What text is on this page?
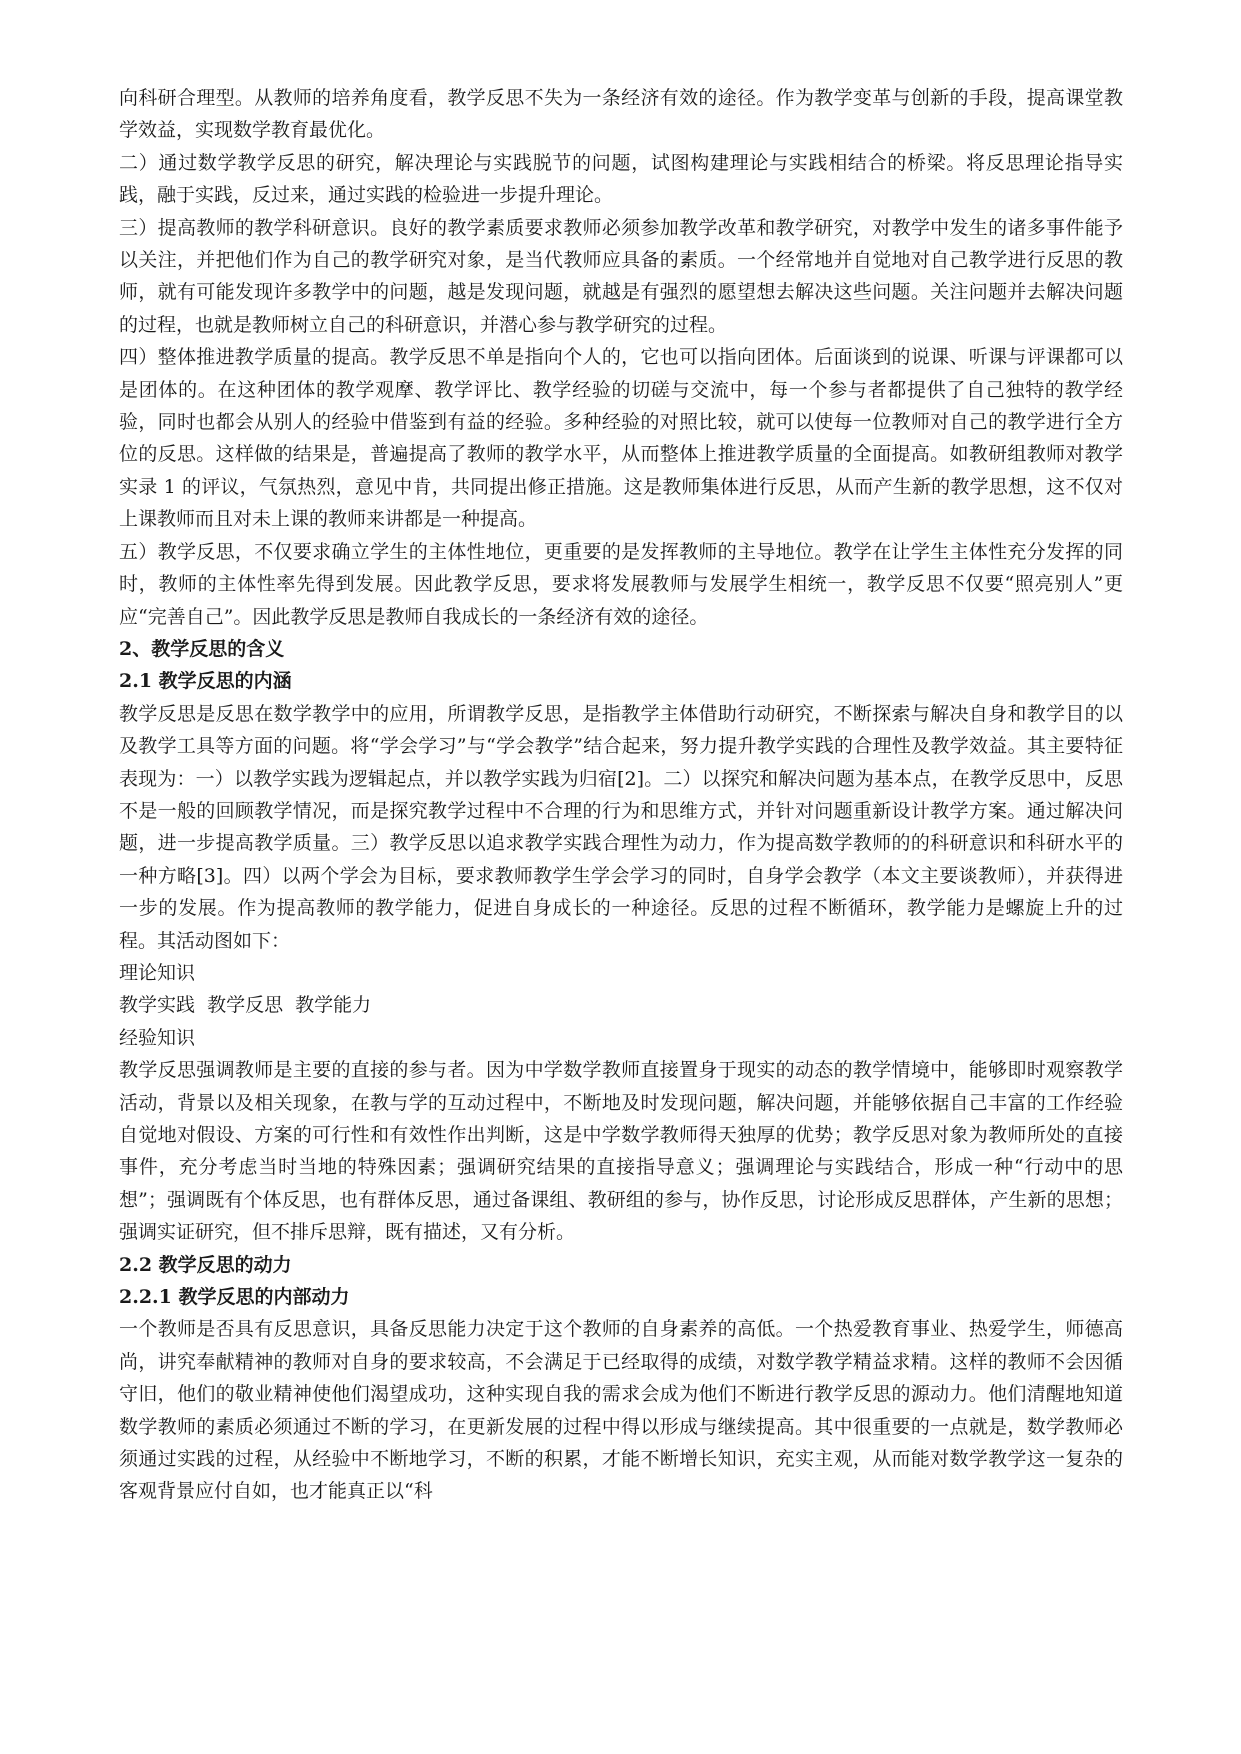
向科研合理型。从教师的培养角度看，教学反思不失为一条经济有效的途径。作为教学变革与创新的手段，提高课堂教学效益，实现数学教育最优化。

二）通过数学教学反思的研究，解决理论与实践脱节的问题，试图构建理论与实践相结合的桥梁。将反思理论指导实践，融于实践，反过来，通过实践的检验进一步提升理论。

三）提高教师的教学科研意识。良好的教学素质要求教师必须参加教学改革和教学研究，对教学中发生的诸多事件能予以关注，并把他们作为自己的教学研究对象，是当代教师应具备的素质。一个经常地并自觉地对自己教学进行反思的教师，就有可能发现许多教学中的问题，越是发现问题，就越是有强烈的愿望想去解决这些问题。关注问题并去解决问题的过程，也就是教师树立自己的科研意识，并潜心参与教学研究的过程。

四）整体推进教学质量的提高。教学反思不单是指向个人的，它也可以指向团体。后面谈到的说课、听课与评课都可以是团体的。在这种团体的教学观摩、教学评比、教学经验的切磋与交流中，每一个参与者都提供了自己独特的教学经验，同时也都会从别人的经验中借鉴到有益的经验。多种经验的对照比较，就可以使每一位教师对自己的教学进行全方位的反思。这样做的结果是，普遍提高了教师的教学水平，从而整体上推进教学质量的全面提高。如教研组教师对教学实录 1 的评议，气氛热烈，意见中肯，共同提出修正措施。这是教师集体进行反思，从而产生新的教学思想，这不仅对上课教师而且对未上课的教师来讲都是一种提高。

五）教学反思，不仅要求确立学生的主体性地位，更重要的是发挥教师的主导地位。教学在让学生主体性充分发挥的同时，教师的主体性率先得到发展。因此教学反思，要求将发展教师与发展学生相统一，教学反思不仅要“照亮别人”更应“完善自己”。因此教学反思是教师自我成长的一条经济有效的途径。

2、教学反思的含义
2.1 教学反思的内涵

教学反思是反思在数学教学中的应用，所谓教学反思，是指教学主体借助行动研究，不断探索与解决自身和教学目的以及教学工具等方面的问题。将“学会学习”与“学会教学”结合起来，努力提升教学实践的合理性及教学效益。其主要特征表现为：一）以教学实践为逻辑起点，并以教学实践为归宿[2]。二）以探究和解决问题为基本点，在教学反思中，反思不是一般的回顾教学情况，而是探究教学过程中不合理的行为和思维方式，并针对问题重新设计教学方案。通过解决问题，进一步提高教学质量。三）教学反思以追求教学实践合理性为动力，作为提高数学教师的的科研意识和科研水平的一种方略[3]。四）以两个学会为目标，要求教师教学生学会学习的同时，自身学会教学（本文主要谈教师），并获得进一步的发展。作为提高教师的教学能力，促进自身成长的一种途径。反思的过程不断循环，教学能力是螺旋上升的过程。其活动图如下：

理论知识

教学实践  教学反思  教学能力

经验知识

教学反思强调教师是主要的直接的参与者。因为中学数学教师直接置身于现实的动态的教学情境中，能够即时观察教学活动，背景以及相关现象，在教与学的互动过程中，不断地及时发现问题，解决问题，并能够依据自己丰富的工作经验自觉地对假设、方案的可行性和有效性作出判断，这是中学数学教师得天独厚的优势；教学反思对象为教师所处的直接事件，充分考虑当时当地的特殊因素；强调研究结果的直接指导意义；强调理论与实践结合，形成一种“行动中的思想”；强调既有个体反思，也有群体反思，通过备课组、教研组的参与，协作反思，讨论形成反思群体，产生新的思想；强调实证研究，但不排斥思辩，既有描述，又有分析。

2.2 教学反思的动力
2.2.1 教学反思的内部动力

一个教师是否具有反思意识，具备反思能力决定于这个教师的自身素养的高低。一个热爱教育事业、热爱学生，师德高尚，讲究奉献精神的教师对自身的要求较高，不会满足于已经取得的成绩，对数学教学精益求精。这样的教师不会因循守旧，他们的敬业精神使他们渴望成功，这种实现自我的需求会成为他们不断进行教学反思的源动力。他们清醒地知道数学教师的素质必须通过不断的学习，在更新发展的过程中得以形成与继续提高。其中很重要的一点就是，数学教师必须通过实践的过程，从经验中不断地学习，不断的积累，才能不断增长知识，充实主观，从而能对数学教学这一复杂的客观背景应付自如，也才能真正以“科
